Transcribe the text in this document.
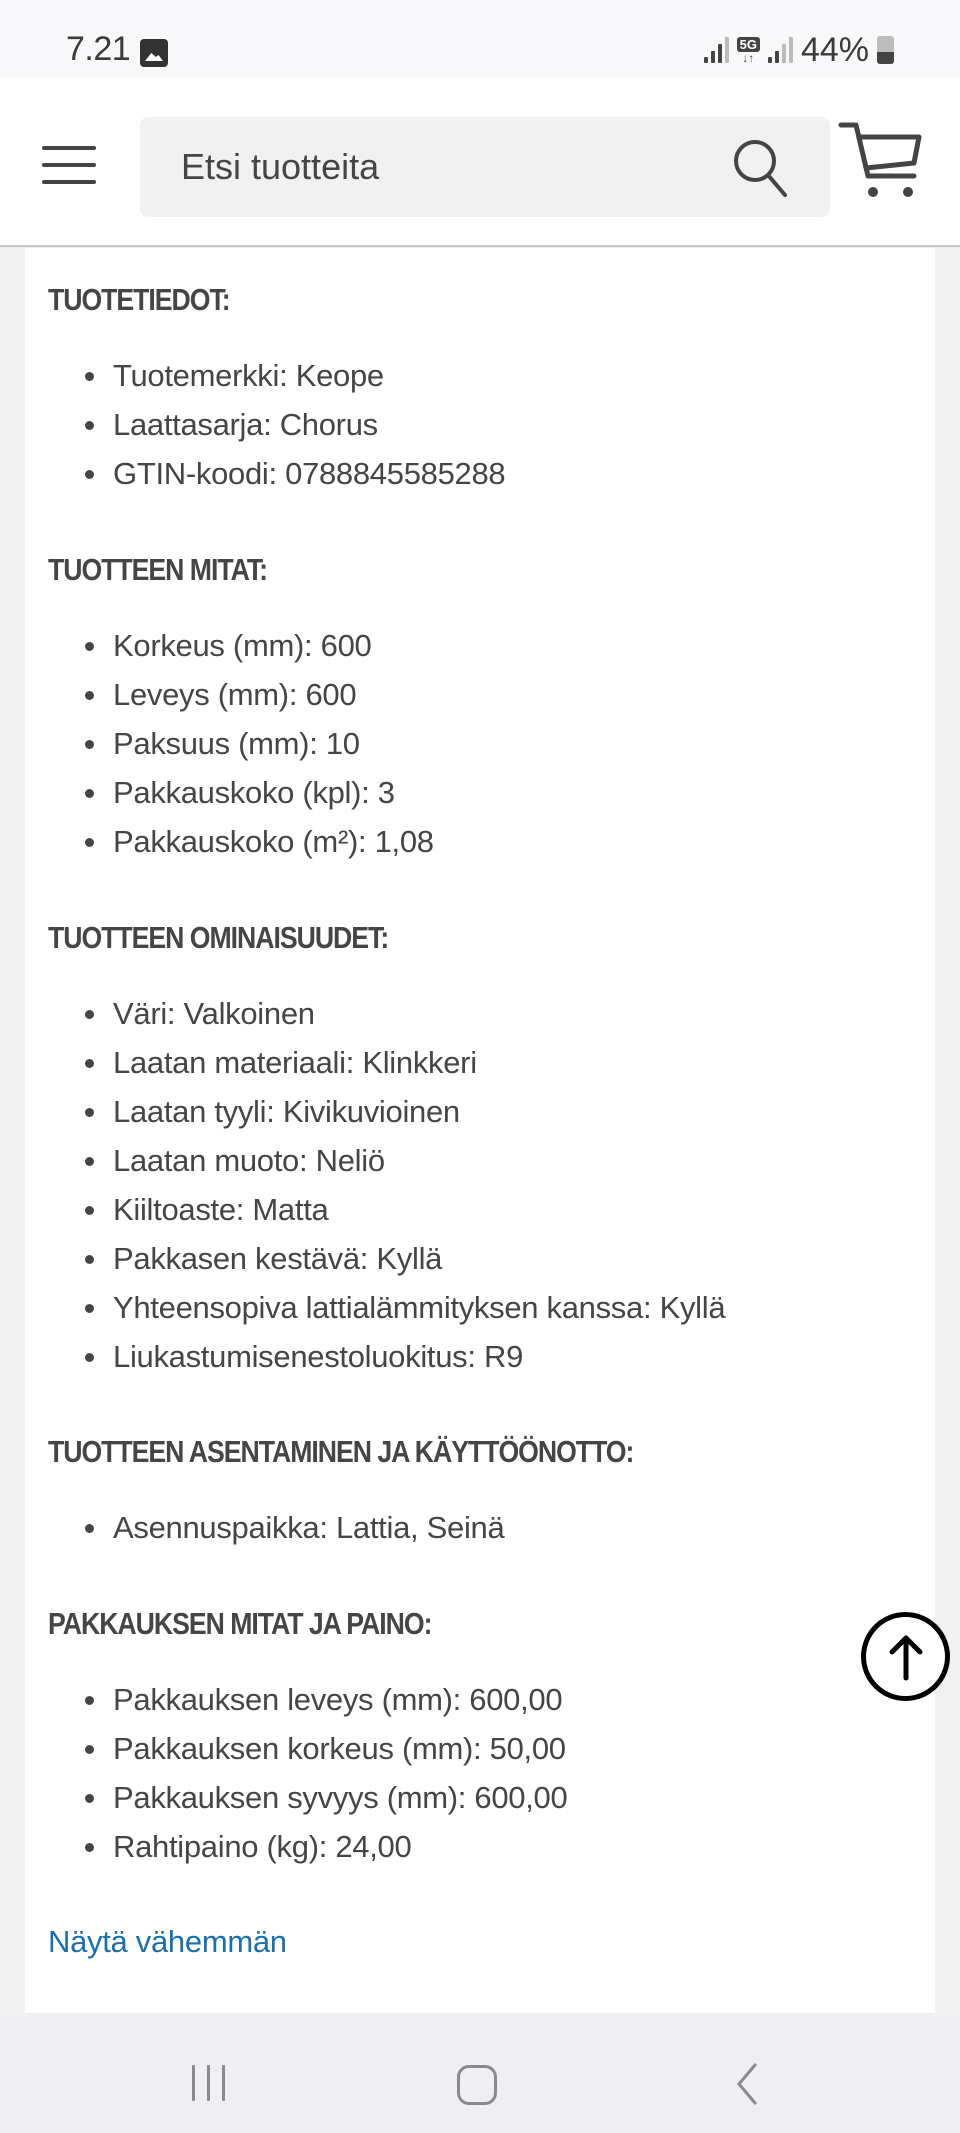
7.21	5G
↓↑ 44%
Etsi tuotteita
TUOTETIEDOT:
Tuotemerkki: Keope
Laattasarja: Chorus
GTIN-koodi: 0788845585288
TUOTTEEN MITAT:
Korkeus (mm): 600
Leveys (mm): 600
Paksuus (mm): 10
Pakkauskoko (kpl): 3
Pakkauskoko (m²): 1,08
TUOTTEEN OMINAISUUDET:
Väri: Valkoinen
Laatan materiaali: Klinkkeri
Laatan tyyli: Kivikuvioinen
Laatan muoto: Neliö
Kiiltoaste: Matta
Pakkasen kestävä: Kyllä
Yhteensopiva lattialämmityksen kanssa: Kyllä
Liukastumisenestoluokitus: R9
TUOTTEEN ASENTAMINEN JA KÄYTTÖÖNOTTO:
Asennuspaikka: Lattia, Seinä
PAKKAUKSEN MITAT JA PAINO:
Pakkauksen leveys (mm): 600,00
Pakkauksen korkeus (mm): 50,00
Pakkauksen syvyys (mm): 600,00
Rahtipaino (kg): 24,00
Näytä vähemmän
